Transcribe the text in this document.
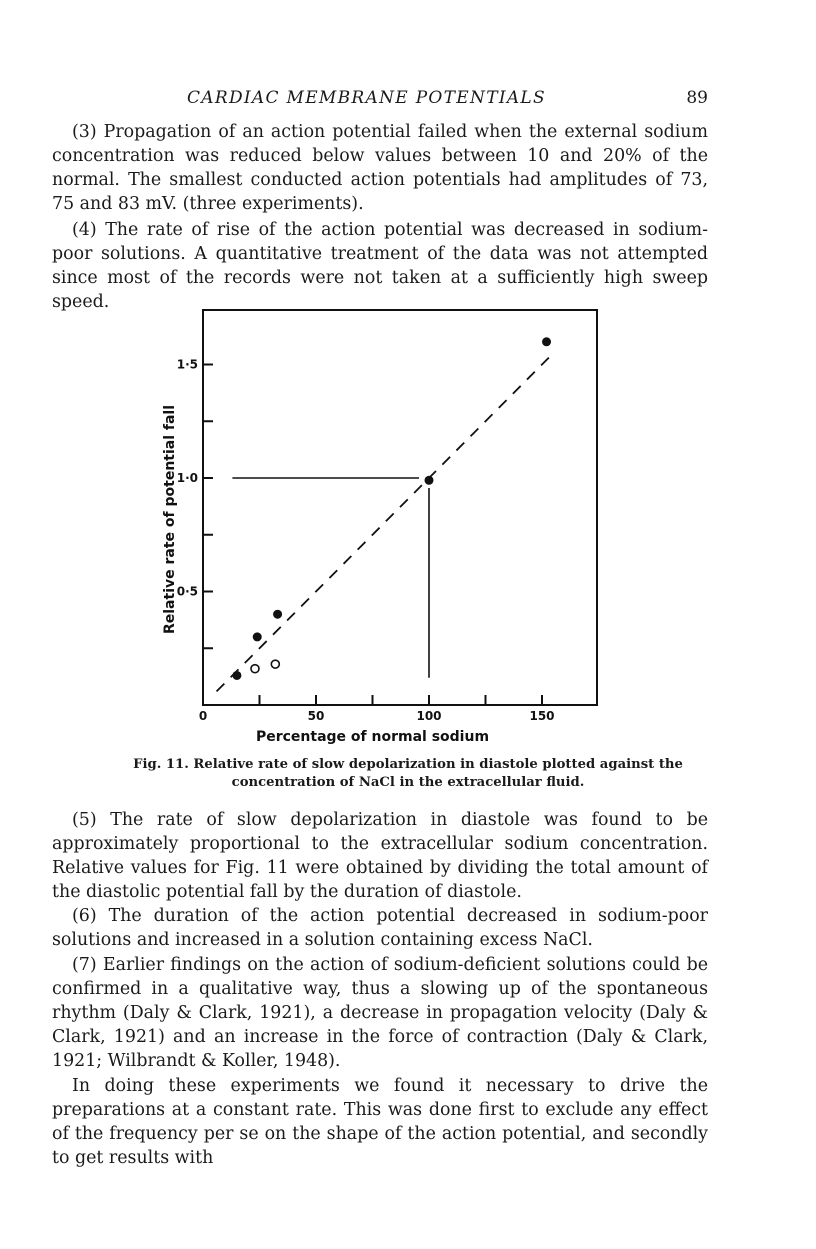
CARDIAC MEMBRANE POTENTIALS	89

(3) Propagation of an action potential failed when the external sodium concentration was reduced below values between 10 and 20% of the normal. The smallest conducted action potentials had amplitudes of 73, 75 and 83 mV. (three experiments).

(4) The rate of rise of the action potential was decreased in sodium-poor solutions. A quantitative treatment of the data was not attempted since most of the records were not taken at a sufficiently high sweep speed.

0	50	100	150
0·5
1·0
1·5
Percentage of normal sodium
Relative rate of potential fall

Fig. 11. Relative rate of slow depolarization in diastole plotted against the concentration of NaCl in the extracellular fluid.

(5) The rate of slow depolarization in diastole was found to be approximately proportional to the extracellular sodium concentration. Relative values for Fig. 11 were obtained by dividing the total amount of the diastolic potential fall by the duration of diastole.

(6) The duration of the action potential decreased in sodium-poor solutions and increased in a solution containing excess NaCl.

(7) Earlier findings on the action of sodium-deficient solutions could be confirmed in a qualitative way, thus a slowing up of the spontaneous rhythm (Daly & Clark, 1921), a decrease in propagation velocity (Daly & Clark, 1921) and an increase in the force of contraction (Daly & Clark, 1921; Wilbrandt & Koller, 1948).

In doing these experiments we found it necessary to drive the preparations at a constant rate. This was done first to exclude any effect of the frequency per se on the shape of the action potential, and secondly to get results with
